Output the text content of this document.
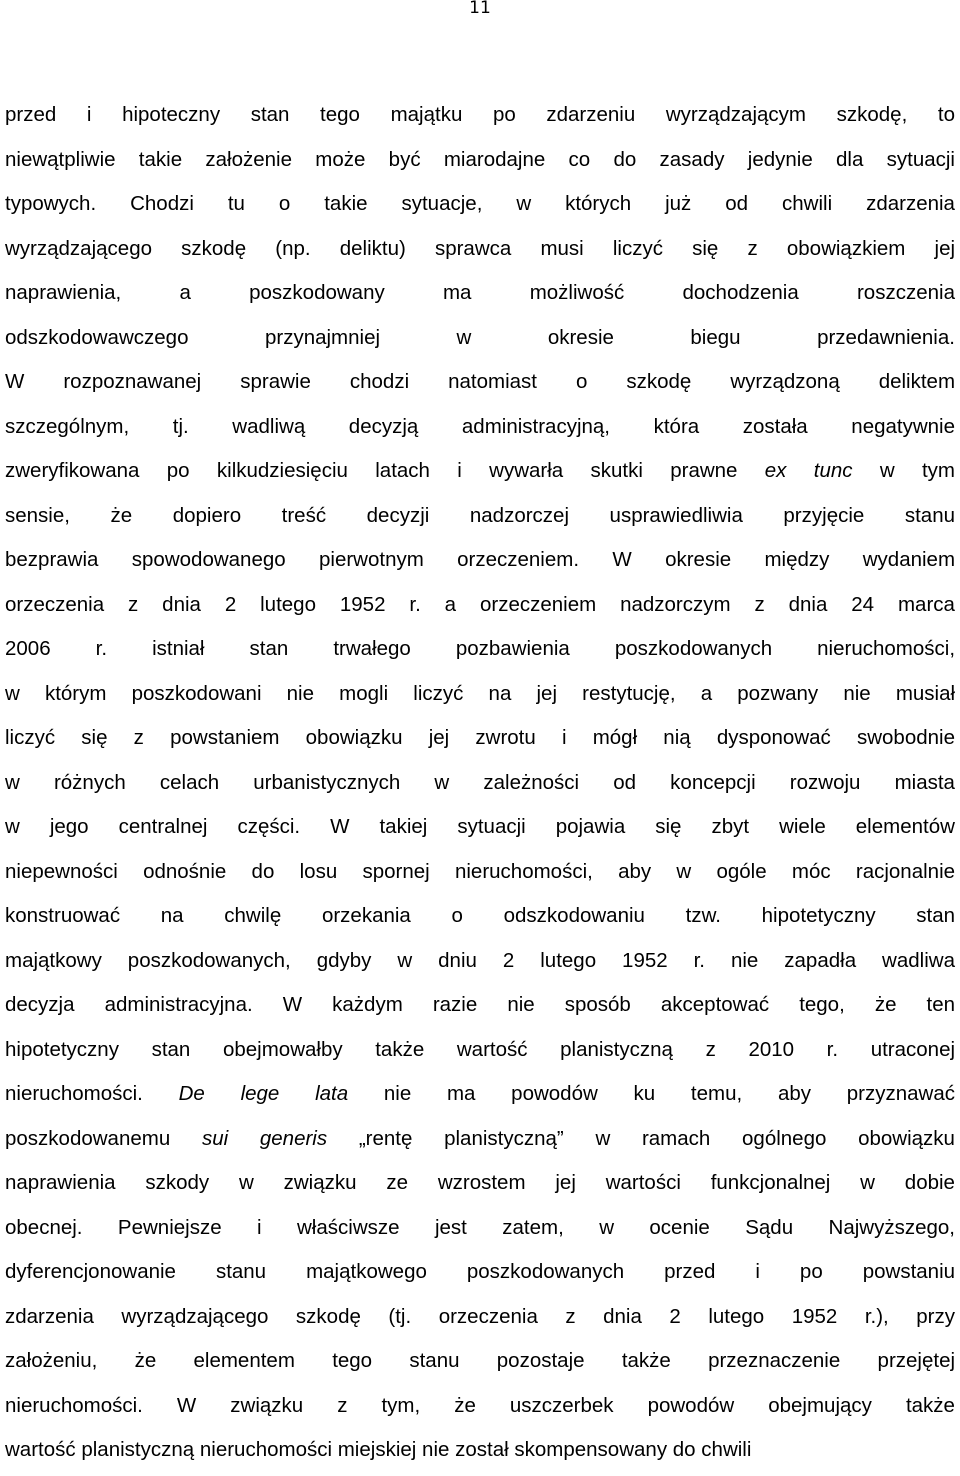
11
przed i hipoteczny stan tego majątku po zdarzeniu wyrządzającym szkodę, to
niewątpliwie takie założenie może być miarodajne co do zasady jedynie dla sytuacji
typowych. Chodzi tu o takie sytuacje, w których już od chwili zdarzenia
wyrządzającego szkodę (np. deliktu) sprawca musi liczyć się z obowiązkiem jej
naprawienia,	a	poszkodowany	ma	możliwość	dochodzenia	roszczenia
odszkodowawczego	przynajmniej	w	okresie	biegu	przedawnienia.
W rozpoznawanej sprawie chodzi natomiast o szkodę wyrządzoną deliktem
szczególnym, tj. wadliwą decyzją administracyjną, która została negatywnie
zweryfikowana po kilkudziesięciu latach i wywarła skutki prawne ex tunc w tym
sensie, że dopiero treść decyzji nadzorczej usprawiedliwia przyjęcie stanu
bezprawia spowodowanego pierwotnym orzeczeniem. W okresie między wydaniem
orzeczenia z dnia 2 lutego 1952 r. a orzeczeniem nadzorczym z dnia 24 marca
2006 r. istniał stan trwałego pozbawienia poszkodowanych nieruchomości,
w którym poszkodowani nie mogli liczyć na jej restytucję, a pozwany nie musiał
liczyć się z powstaniem obowiązku jej zwrotu i mógł nią dysponować swobodnie
w różnych celach urbanistycznych w zależności od koncepcji rozwoju miasta
w jego centralnej części. W takiej sytuacji pojawia się zbyt wiele elementów
niepewności odnośnie do losu spornej nieruchomości, aby w ogóle móc racjonalnie
konstruować na chwilę orzekania o odszkodowaniu tzw. hipotetyczny stan
majątkowy poszkodowanych, gdyby w dniu 2 lutego 1952 r. nie zapadła wadliwa
decyzja administracyjna. W każdym razie nie sposób akceptować tego, że ten
hipotetyczny stan obejmowałby także wartość planistyczną z 2010 r. utraconej
nieruchomości. De lege lata nie ma powodów ku temu, aby przyznawać
poszkodowanemu sui generis „rentę planistyczną” w ramach ogólnego obowiązku
naprawienia szkody w związku ze wzrostem jej wartości funkcjonalnej w dobie
obecnej. Pewniejsze i właściwsze jest zatem, w ocenie Sądu Najwyższego,
dyferencjonowanie stanu majątkowego poszkodowanych przed i po powstaniu
zdarzenia wyrządzającego szkodę (tj. orzeczenia z dnia 2 lutego 1952 r.), przy
założeniu, że elementem tego stanu pozostaje także przeznaczenie przejętej
nieruchomości. W związku z tym, że uszczerbek powodów obejmujący także
wartość planistyczną nieruchomości miejskiej nie został skompensowany do chwili
